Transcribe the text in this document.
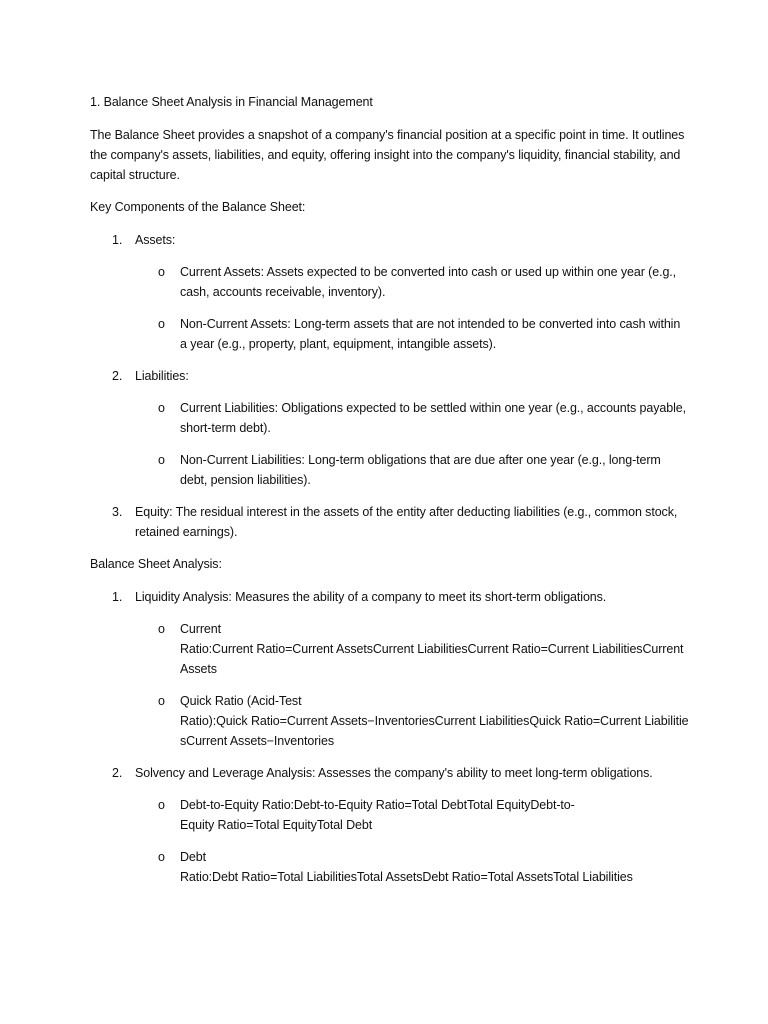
1. Balance Sheet Analysis in Financial Management

The Balance Sheet provides a snapshot of a company's financial position at a specific point in time. It outlines the company's assets, liabilities, and equity, offering insight into the company's liquidity, financial stability, and capital structure.

Key Components of the Balance Sheet:

1. Assets:

o Current Assets: Assets expected to be converted into cash or used up within one year (e.g., cash, accounts receivable, inventory).

o Non-Current Assets: Long-term assets that are not intended to be converted into cash within a year (e.g., property, plant, equipment, intangible assets).

2. Liabilities:

o Current Liabilities: Obligations expected to be settled within one year (e.g., accounts payable, short-term debt).

o Non-Current Liabilities: Long-term obligations that are due after one year (e.g., long-term debt, pension liabilities).

3. Equity: The residual interest in the assets of the entity after deducting liabilities (e.g., common stock, retained earnings).

Balance Sheet Analysis:

1. Liquidity Analysis: Measures the ability of a company to meet its short-term obligations.

o Current

Ratio:Current Ratio=Current AssetsCurrent LiabilitiesCurrent Ratio=Current LiabilitiesCurrent Assets

o Quick Ratio (Acid-Test

Ratio):Quick Ratio=Current Assets−InventoriesCurrent LiabilitiesQuick Ratio=Current LiabilitiesCurrent Assets−Inventories

2. Solvency and Leverage Analysis: Assesses the company's ability to meet long-term obligations.

o Debt-to-Equity Ratio:Debt-to-Equity Ratio=Total DebtTotal EquityDebt-to-

Equity Ratio=Total EquityTotal Debt

o Debt

Ratio:Debt Ratio=Total LiabilitiesTotal AssetsDebt Ratio=Total AssetsTotal Liabilities
